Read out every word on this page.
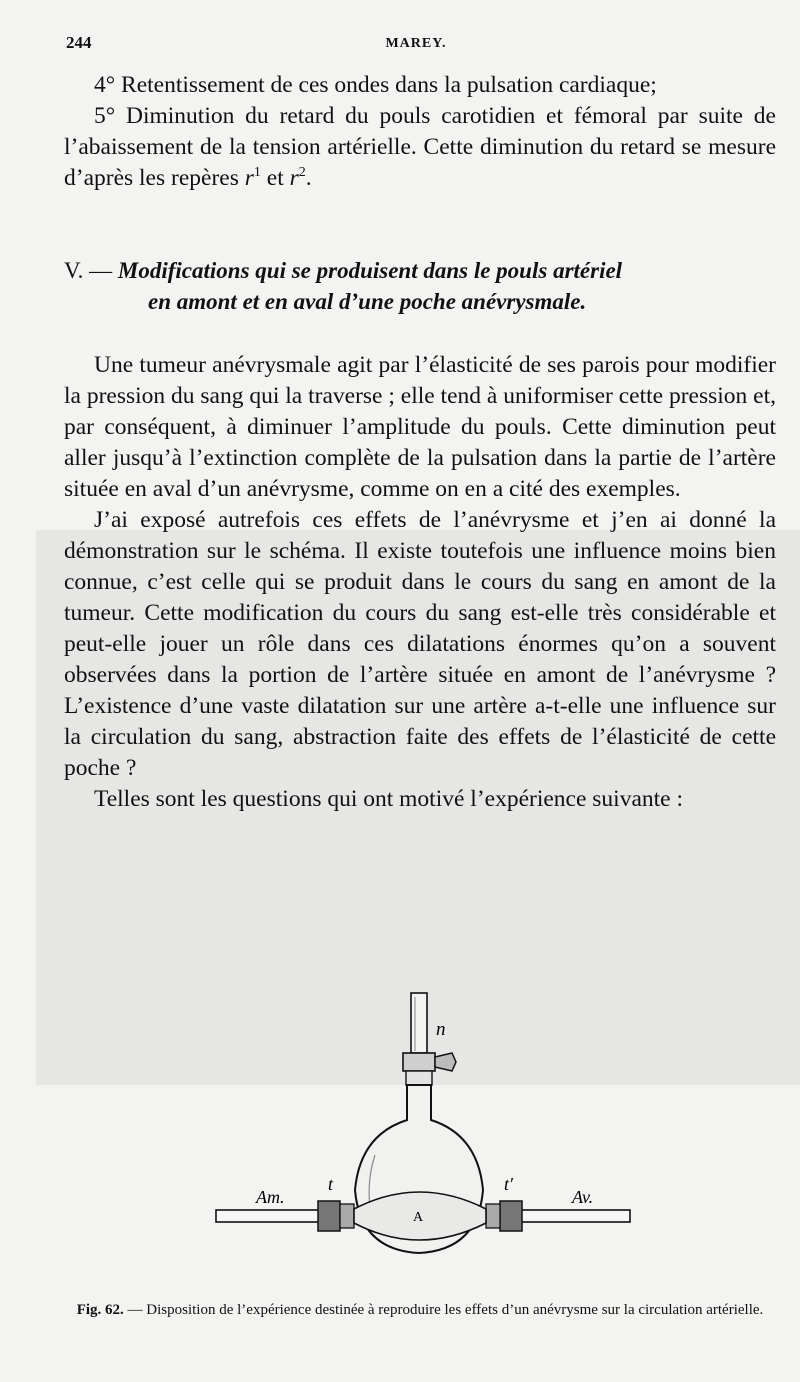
244	MAREY.

4° Retentissement de ces ondes dans la pulsation cardiaque;

5° Diminution du retard du pouls carotidien et fémoral par suite de l’abaissement de la tension artérielle. Cette diminution du retard se mesure d’après les repères $r^1$ et $r^2$.

V. — Modifications qui se produisent dans le pouls artériel
en amont et en aval d’une poche anévrysmale.

Une tumeur anévrysmale agit par l’élasticité de ses parois pour modifier la pression du sang qui la traverse ; elle tend à uniformiser cette pression et, par conséquent, à diminuer l’amplitude du pouls. Cette diminution peut aller jusqu’à l’extinction complète de la pulsation dans la partie de l’artère située en aval d’un anévrysme, comme on en a cité des exemples.

J’ai exposé autrefois ces effets de l’anévrysme et j’en ai donné la démonstration sur le schéma. Il existe toutefois une influence moins bien connue, c’est celle qui se produit dans le cours du sang en amont de la tumeur. Cette modification du cours du sang est-elle très considérable et peut-elle jouer un rôle dans ces dilatations énormes qu’on a souvent observées dans la portion de l’artère située en amont de l’anévrysme ? L’existence d’une vaste dilatation sur une artère a-t-elle une influence sur la circulation du sang, abstraction faite des effets de l’élasticité de cette poche ?

Telles sont les questions qui ont motivé l’expérience suivante :

n
t	t′
Am.	Av.
A
Fig. 62. — Disposition de l’expérience destinée à reproduire les effets d’un anévrysme sur la circulation artérielle.
